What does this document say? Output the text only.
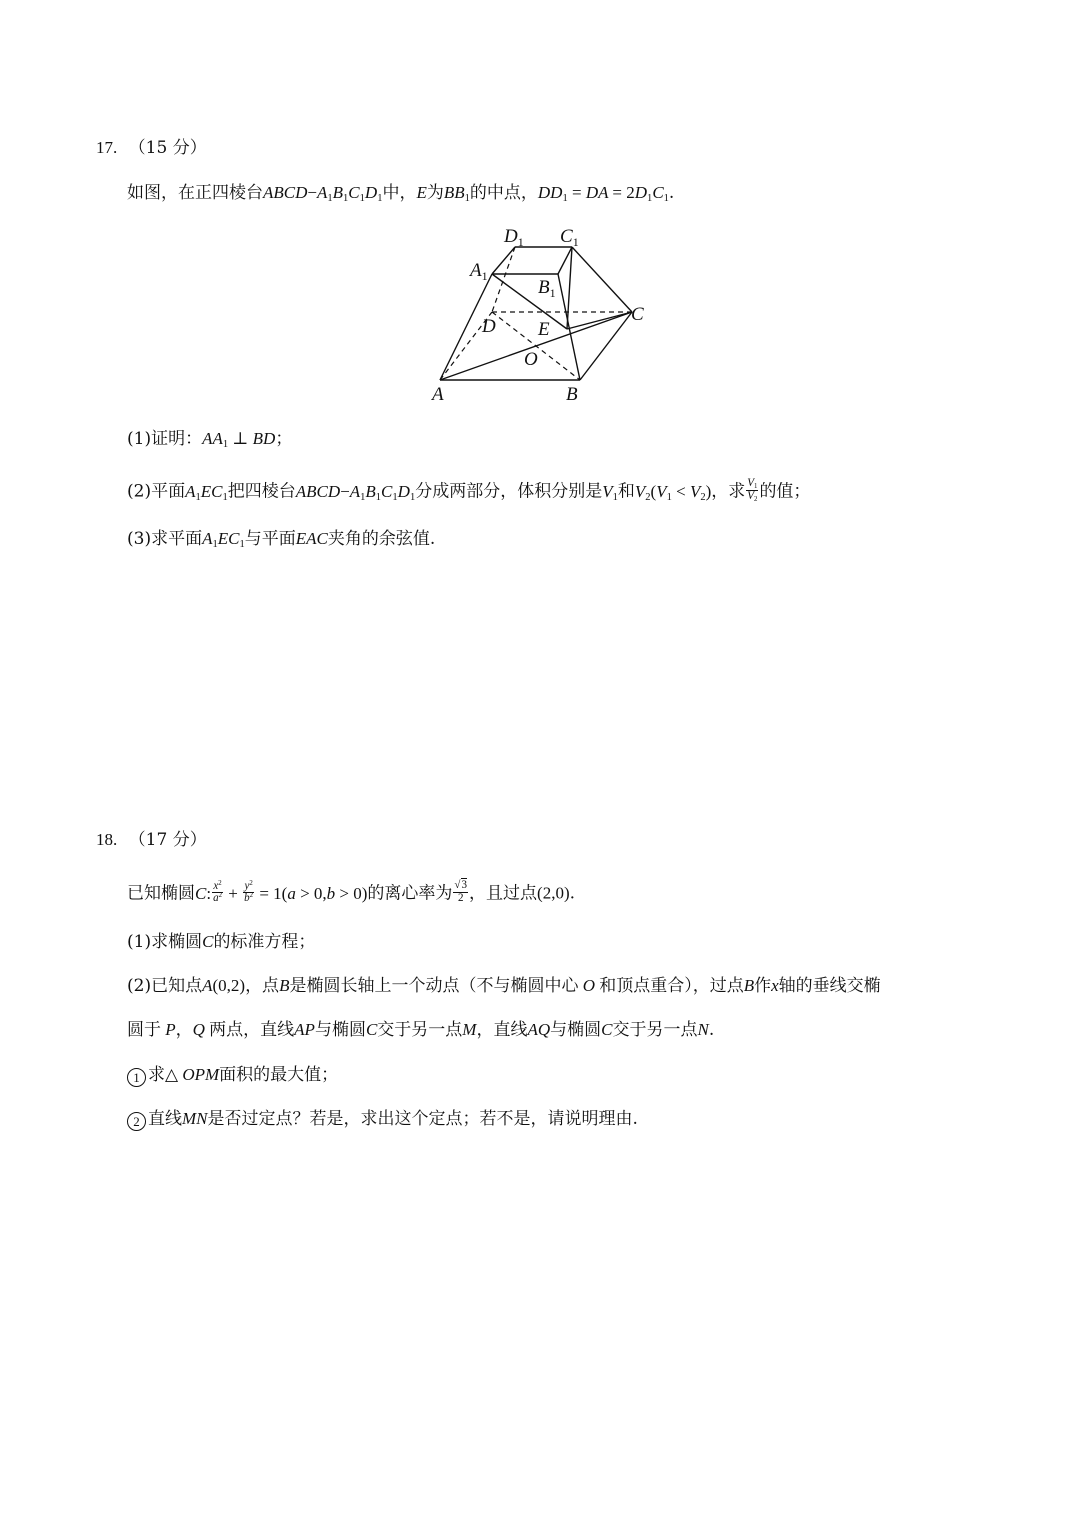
17. （15 分）
如图，在正四棱台$ABCD-A_1B_1C_1D_1$中，E为$BB_1$的中点，$DD_1$ = DA = $2D_1C_1$.
$D_1$ $C_1$
$A_1$
$B_1$
D E
C
O
A	B
(1)证明：$AA_1$ ⊥ BD；
(2)平面$A_1EC_1$把四棱台$ABCD-A_1B_1C_1D_1$分成两部分，体积分别是$V_1$和$V_2(V_1 < V_2)$，求 $\frac{V_1}{V_2}$ 的值；
(3)求平面$A_1EC_1$与平面EAC夹角的余弦值.
18. （17 分）
已知椭圆C: $\frac{x^2}{a^2} + \frac{y^2}{b^2} = 1(a > 0,b > 0)$的离心率为 $\frac{√3}{2}$ ，且过点(2,0).
(1)求椭圆C的标准方程；
(2)已知点A(0,2)，点B是椭圆长轴上一个动点（不与椭圆中心 O 和顶点重合），过点B作x轴的垂线交椭
圆于 P，Q 两点，直线AP与椭圆C交于另一点M，直线AQ与椭圆C交于另一点N.
1 求△ OPM面积的最大值；
2 直线MN是否过定点？若是，求出这个定点；若不是，请说明理由.
